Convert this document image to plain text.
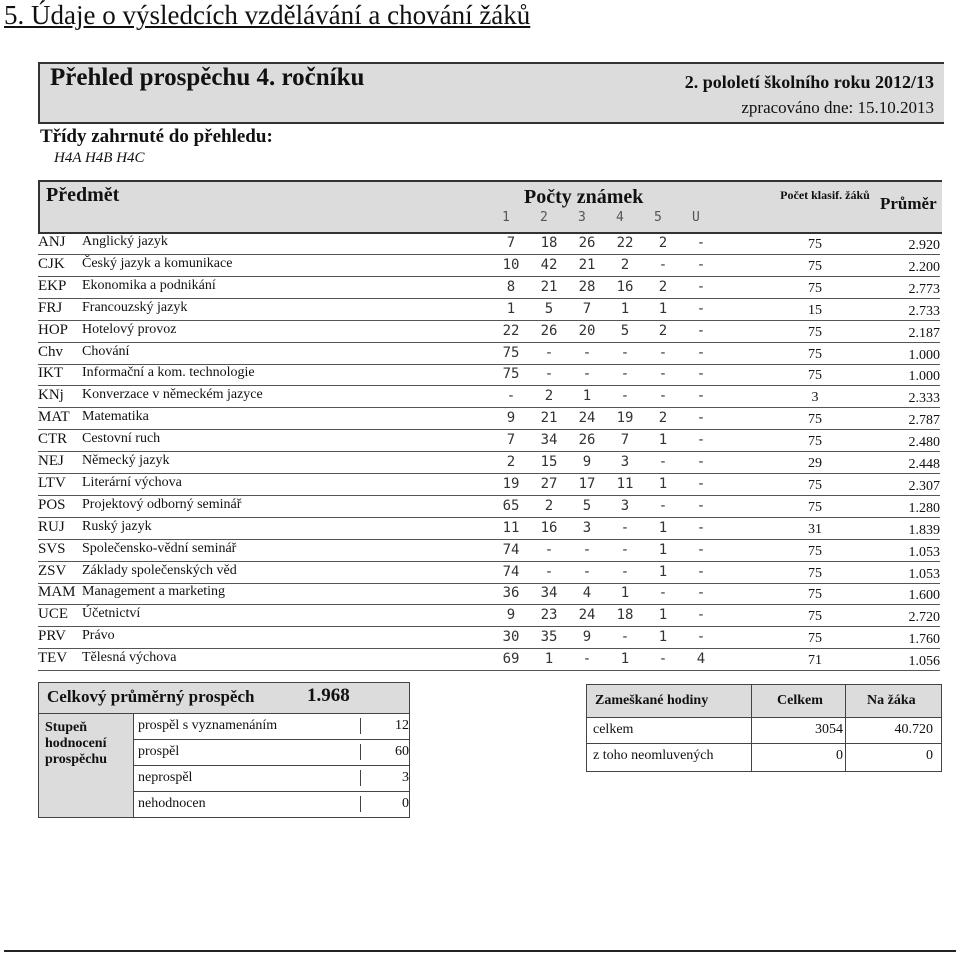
5. Údaje o výsledcích vzdělávání a chování žáků
Přehled prospěchu 4. ročníku	2. pololetí školního roku 2012/13
zpracováno dne: 15.10.2013
Třídy zahrnuté do přehledu:
H4A H4B H4C
Předmět	Počty známek
1 2 3 4 5 U
Počet klasif. žáků Průměr
ANJ Anglický jazyk	7	18	26	22	2	-	75	2.920
CJK Český jazyk a komunikace	10	42	21	2	-	-	75	2.200
EKP Ekonomika a podnikání	8	21	28	16	2	-	75	2.773
FRJ Francouzský jazyk	1	5	7	1	1	-	15	2.733
HOP Hotelový provoz	22	26	20	5	2	-	75	2.187
Chv Chování	75	-	-	-	-	-	75	1.000
IKT Informační a kom. technologie	75	-	-	-	-	-	75	1.000
KNj Konverzace v německém jazyce	-	2	1	-	-	-	3	2.333
MAT Matematika	9	21	24	19	2	-	75	2.787
CTR Cestovní ruch	7	34	26	7	1	-	75	2.480
NEJ Německý jazyk	2	15	9	3	-	-	29	2.448
LTV Literární výchova	19	27	17	11	1	-	75	2.307
POS Projektový odborný seminář	65	2	5	3	-	-	75	1.280
RUJ Ruský jazyk	11	16	3	-	1	-	31	1.839
SVS Společensko-vědní seminář	74	-	-	-	1	-	75	1.053
ZSV Základy společenských věd	74	-	-	-	1	-	75	1.053
MAM Management a marketing	36	34	4	1	-	-	75	1.600
UCE Účetnictví	9	23	24	18	1	-	75	2.720
PRV Právo	30	35	9	-	1	-	75	1.760
TEV Tělesná výchova	69	1	-	1	-	4	71	1.056
Celkový průměrný prospěch	1.968
Stupeň hodnocení prospěchu
prospěl s vyznamenáním	12
prospěl	60
neprospěl	3
nehodnocen	0
Zameškané hodiny	Celkem	Na žáka
celkem	3054	40.720
z toho neomluvených	0	0
